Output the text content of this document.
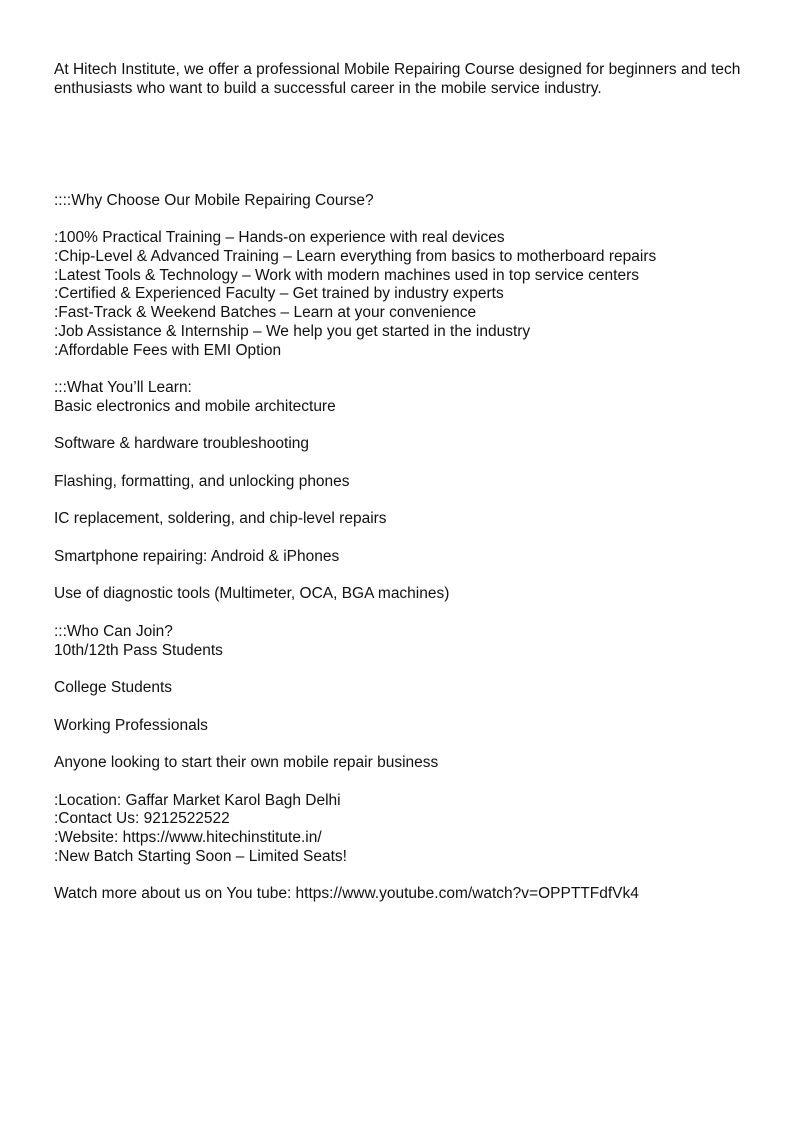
At Hitech Institute, we offer a professional Mobile Repairing Course designed for beginners and tech enthusiasts who want to build a successful career in the mobile service industry.

::::Why Choose Our Mobile Repairing Course?

:100% Practical Training – Hands-on experience with real devices

:Chip-Level & Advanced Training – Learn everything from basics to motherboard repairs

:Latest Tools & Technology – Work with modern machines used in top service centers

:Certified & Experienced Faculty – Get trained by industry experts

:Fast-Track & Weekend Batches – Learn at your convenience

:Job Assistance & Internship – We help you get started in the industry

:Affordable Fees with EMI Option

:::What You’ll Learn:

Basic electronics and mobile architecture

Software & hardware troubleshooting

Flashing, formatting, and unlocking phones

IC replacement, soldering, and chip-level repairs

Smartphone repairing: Android & iPhones

Use of diagnostic tools (Multimeter, OCA, BGA machines)

:::Who Can Join?

10th/12th Pass Students

College Students

Working Professionals

Anyone looking to start their own mobile repair business

:Location: Gaffar Market Karol Bagh Delhi

:Contact Us: 9212522522

:Website: https://www.hitechinstitute.in/

:New Batch Starting Soon – Limited Seats!

Watch more about us on You tube: https://www.youtube.com/watch?v=OPPTTFdfVk4
